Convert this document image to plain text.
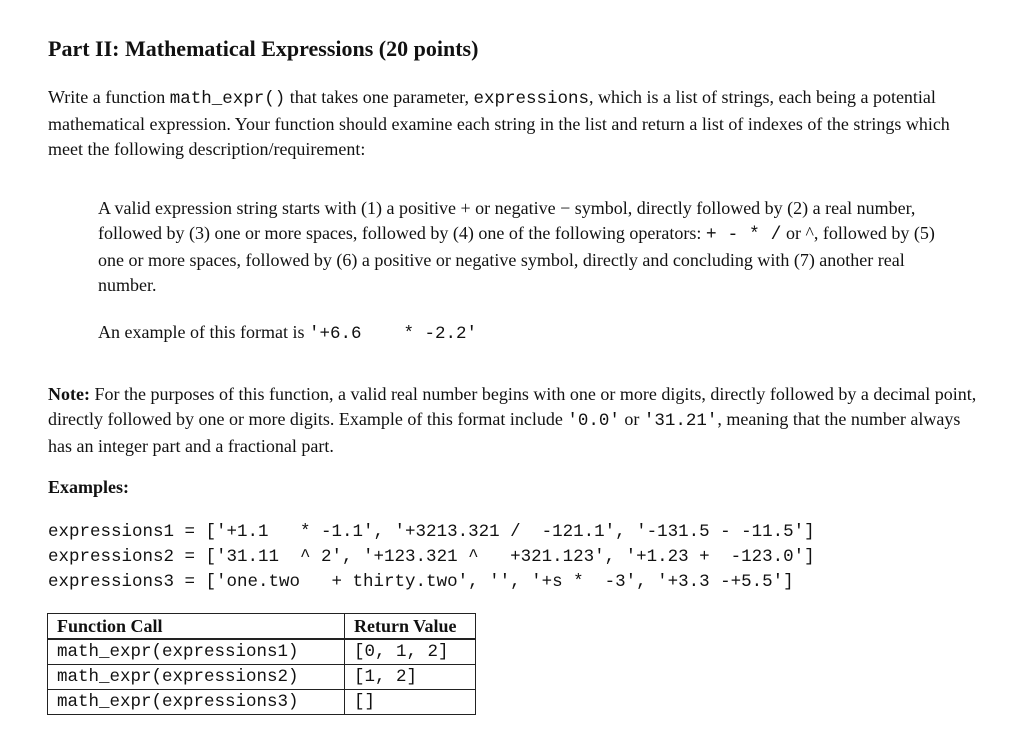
Part II: Mathematical Expressions (20 points)
Write a function math_expr() that takes one parameter, expressions, which is a list of strings, each being a potential mathematical expression. Your function should examine each string in the list and return a list of indexes of the strings which meet the following description/requirement:
A valid expression string starts with (1) a positive + or negative − symbol, directly followed by (2) a real number, followed by (3) one or more spaces, followed by (4) one of the following operators: + - * / or ^, followed by (5) one or more spaces, followed by (6) a positive or negative symbol, directly and concluding with (7) another real number.
An example of this format is '+6.6    * -2.2'
Note: For the purposes of this function, a valid real number begins with one or more digits, directly followed by a decimal point, directly followed by one or more digits. Example of this format include '0.0' or '31.21', meaning that the number always has an integer part and a fractional part.
Examples:
expressions1 = ['+1.1   * -1.1', '+3213.321 /  -121.1', '-131.5 - -11.5']
expressions2 = ['31.11  ^ 2', '+123.321 ^   +321.123', '+1.23 +  -123.0']
expressions3 = ['one.two   + thirty.two', '', '+s *  -3', '+3.3 -+5.5']
Function Call	Return Value
math_expr(expressions1)	[0, 1, 2]
math_expr(expressions2)	[1, 2]
math_expr(expressions3)	[]
